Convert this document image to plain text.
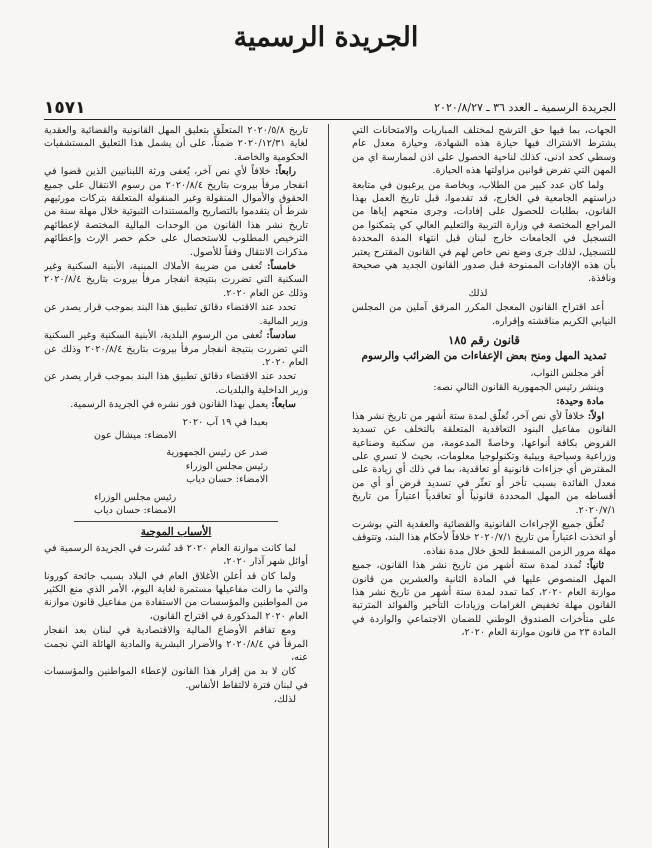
الجريدة الرسمية
١٥٧١	الجريدة الرسمية ـ العدد ٣٦ ـ ٢٠٢٠/٨/٢٧

الجهات، بما فيها حق الترشح لمختلف المباريات والامتحانات التي يشترط الاشتراك فيها حيازة هذه الشهادة، وحيازة معدل عام وسطي كحد ادنى، كذلك لناحية الحصول على اذن لممارسة اي من المهن التي تفرض قوانين مزاولتها هذه الحيازة.

ولما كان عدد كبير من الطلاب، وبخاصة من يرغبون في متابعة دراستهم الجامعية في الخارج، قد تقدموا، قبل تاريخ العمل بهذا القانون، بطلبات للحصول على إفادات، وجرى منحهم إياها من المراجع المختصة في وزارة التربية والتعليم العالي كي يتمكنوا من التسجيل في الجامعات خارج لبنان قبل انتهاء المدة المحددة للتسجيل، لذلك جرى وضع نص خاص لهم في القانون المقترح يعتبر بأن هذه الإفادات الممنوحة قبل صدور القانون الجديد هي صحيحة ونافذة.

لذلك

أعد اقتراح القانون المعجل المكرر المرفق آملين من المجلس النيابي الكريم مناقشته وإقراره.

قانون رقم ١٨٥
تمديد المهل ومنح بعض الإعفاءات من الضرائب والرسوم

أقر مجلس النواب،

وينشر رئيس الجمهورية القانون التالي نصه:

مادة وحيدة:

اولاً: خلافاً لأي نص آخر، تُعلّق لمدة ستة أشهر من تاريخ نشر هذا القانون مفاعيل البنود التعاقدية المتعلقة بالتخلف عن تسديد القروض بكافة أنواعها، وخاصةً المدعومة، من سكنية وصناعية وزراعية وسياحية وبيئية وتكنولوجيا معلومات، بحيث لا تسري على المقترض أي جزاءات قانونية أو تعاقدية، بما في ذلك أي زيادة على معدل الفائدة بسبب تأخر أو تعثّر في تسديد قرض أو أي من أقساطه من المهل المحددة قانونياً أو تعاقدياً اعتباراً من تاريخ ٢٠٢٠/٧/١.

تُعلّق جميع الإجراءات القانونية والقضائية والعقدية التي بوشرت أو اتخذت اعتباراً من تاريخ ٢٠٢٠/٧/١ خلافاً لأحكام هذا البند، وتتوقف مهلة مرور الزمن المسقط للحق خلال مدة نفاذه.

ثانياً: تُمدد لمدة ستة أشهر من تاريخ نشر هذا القانون، جميع المهل المنصوص عليها في المادة الثانية والعشرين من قانون موازنة العام ٢٠٢٠، كما تمدد لمدة ستة أشهر من تاريخ نشر هذا القانون مهلة تخفيض الغرامات وزيادات التأخير والفوائد المترتبة على متأخرات الصندوق الوطني للضمان الاجتماعي والواردة في المادة ٢٣ من قانون موازنة العام ٢٠٢٠،

تاريخ ٢٠٢٠/٥/٨ المتعلّق بتعليق المهل القانونية والقضائية والعقدية لغاية ٢٠٢٠/١٢/٣١ ضمناً، على أن يشمل هذا التعليق المستشفيات الحكومية والخاصة.

رابعاً: خلافاً لأي نص آخر، يُعفى ورثة اللبنانيين الذين قضوا في انفجار مرفأ بيروت بتاريخ ٢٠٢٠/٨/٤ من رسوم الانتقال على جميع الحقوق والأموال المنقولة وغير المنقولة المتعلقة بتركات مورثيهم شرط أن يتقدموا بالتصاريح والمستندات الثبوتية خلال مهلة سنة من تاريخ نشر هذا القانون من الوحدات المالية المختصة لإعطائهم الترخيص المطلوب للاستحصال على حكم حصر الإرث وإعطائهم مذكرات الانتقال وفقاً للأصول.

خامساً: تُعفى من ضريبة الأملاك المبنية، الأبنية السكنية وغير السكنية التي تضررت بنتيجة انفجار مرفأ بيروت بتاريخ ٢٠٢٠/٨/٤ وذلك عن العام ٢٠٢٠.

تحدد عند الاقتضاء دقائق تطبيق هذا البند بموجب قرار يصدر عن وزير المالية.

سادساً: تُعفى من الرسوم البلدية، الأبنية السكنية وغير السكنية التي تضررت بنتيجة انفجار مرفأ بيروت بتاريخ ٢٠٢٠/٨/٤ وذلك عن العام ٢٠٢٠.

تحدد عند الاقتضاء دقائق تطبيق هذا البند بموجب قرار يصدر عن وزير الداخلية والبلديات.

سابعاً: يعمل بهذا القانون فور نشره في الجريدة الرسمية.

بعبدا في ١٩ آب ٢٠٢٠
الامضاء: ميشال عون
صدر عن رئيس الجمهورية
رئيس مجلس الوزراء
الامضاء: حسان دياب
رئيس مجلس الوزراء
الامضاء: حسان دياب
الأسباب الموجبة

لما كانت موازنة العام ٢٠٢٠ قد نُشرت في الجريدة الرسمية في أوائل شهر آذار ٢٠٢٠،

ولما كان قد أعلن الأغلاق العام في البلاد بسبب جائحة كورونا والتي ما زالت مفاعيلها مستمرة لغاية اليوم، الأمر الذي منع الكثير من المواطنين والمؤسسات من الاستفادة من مفاعيل قانون موازنة العام ٢٠٢٠ المذكورة في اقتراح القانون،

ومع تفاقم الأوضاع المالية والاقتصادية في لبنان بعد انفجار المرفأ في ٢٠٢٠/٨/٤ والأضرار البشرية والمادية الهائلة التي نجمت عنه،

كان لا بد من إقرار هذا القانون لإعطاء المواطنين والمؤسسات في لبنان فترة لالتقاط الأنفاس.

لذلك،
